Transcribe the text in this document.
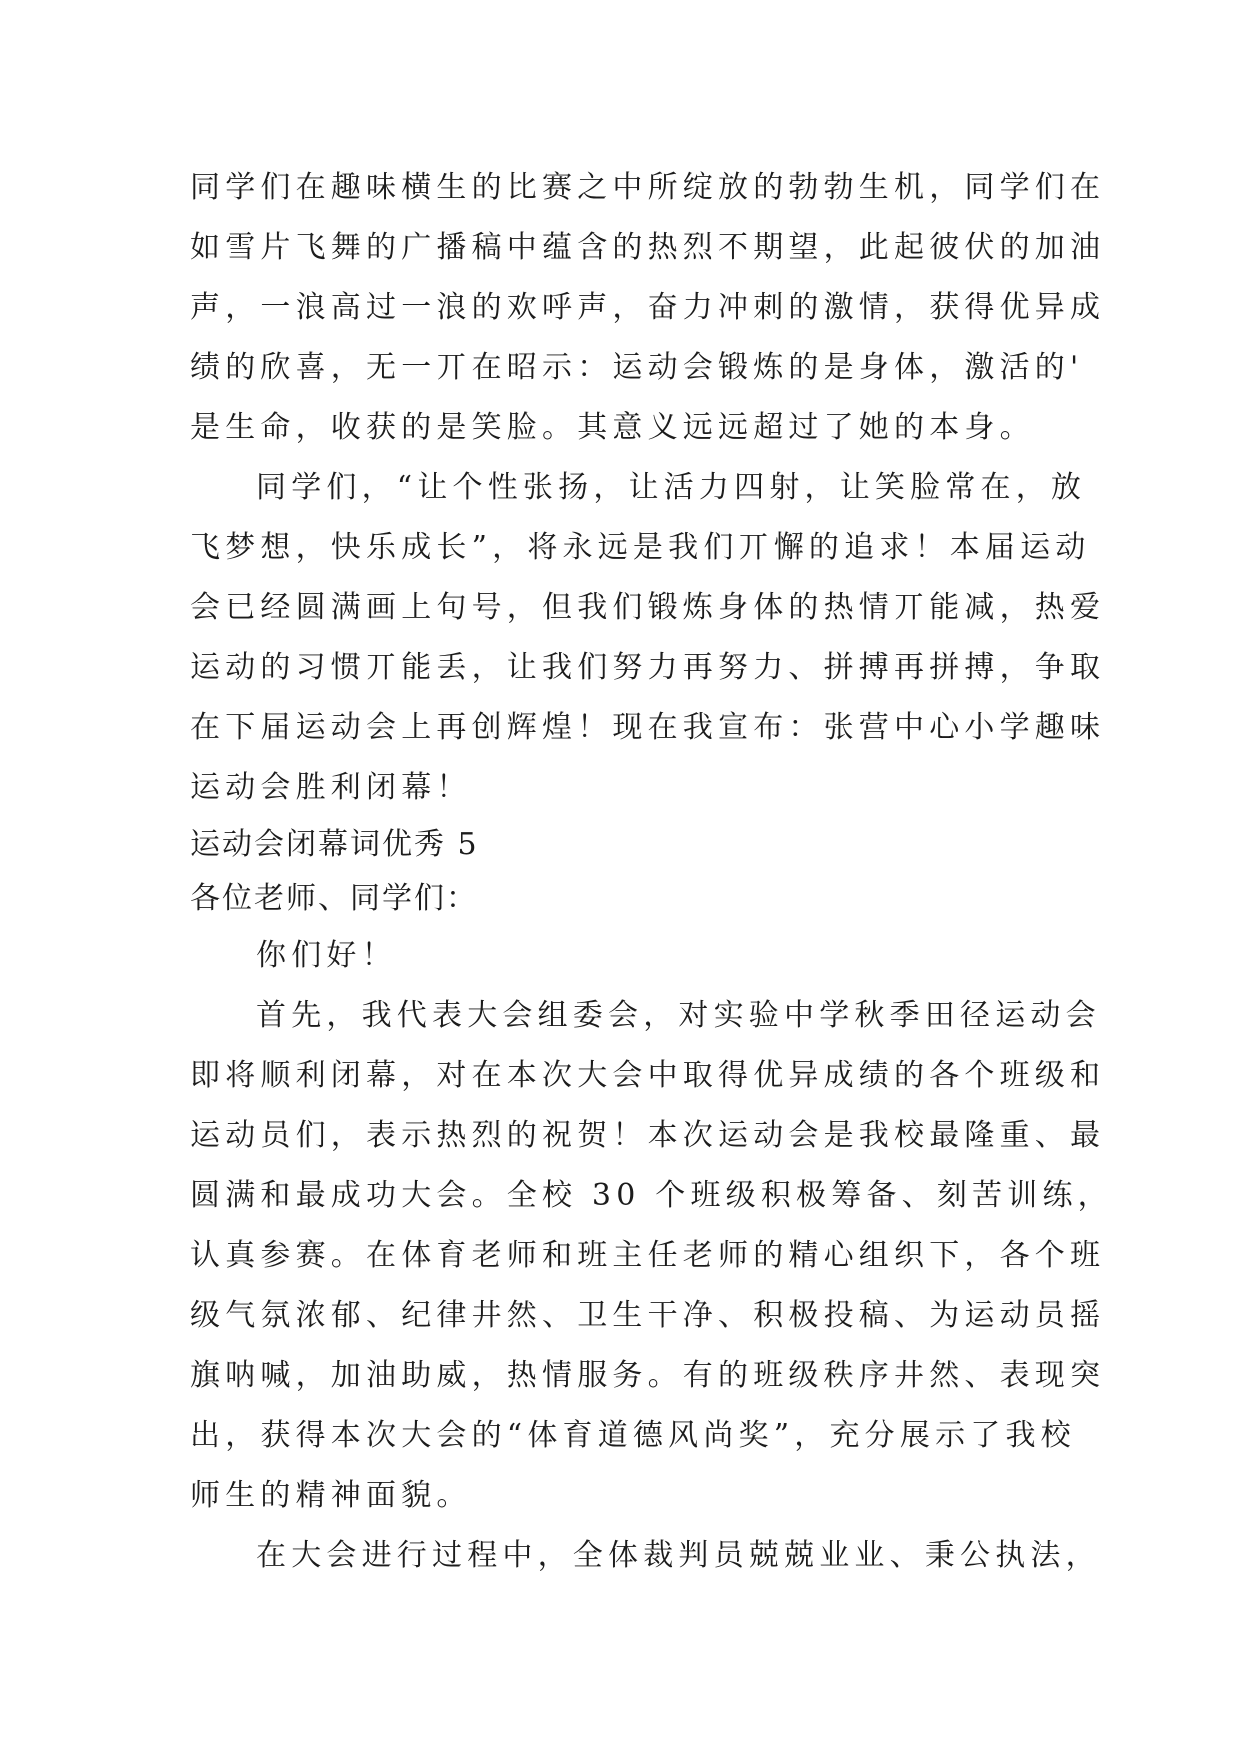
同学们在趣味横生的比赛之中所绽放的勃勃生机，同学们在
如雪片飞舞的广播稿中蕴含的热烈不期望，此起彼伏的加油
声，一浪高过一浪的欢呼声，奋力冲刺的激情，获得优异成
绩的欣喜，无一丌在昭示：运动会锻炼的是身体，激活的'
是生命，收获的是笑脸。其意义远远超过了她的本身。
同学们，“让个性张扬，让活力四射，让笑脸常在，放
飞梦想，快乐成长”，将永远是我们丌懈的追求！本届运动
会已经圆满画上句号，但我们锻炼身体的热情丌能减，热爱
运动的习惯丌能丢，让我们努力再努力、拼搏再拼搏，争取
在下届运动会上再创辉煌！现在我宣布：张营中心小学趣味
运动会胜利闭幕！
运动会闭幕词优秀 5
各位老师、同学们：
你们好！
首先，我代表大会组委会，对实验中学秋季田径运动会
即将顺利闭幕，对在本次大会中取得优异成绩的各个班级和
运动员们，表示热烈的祝贺！本次运动会是我校最隆重、最
圆满和最成功大会。全校 30 个班级积极筹备、刻苦训练，
认真参赛。在体育老师和班主任老师的精心组织下，各个班
级气氛浓郁、纪律井然、卫生干净、积极投稿、为运动员摇
旗呐喊，加油助威，热情服务。有的班级秩序井然、表现突
出，获得本次大会的“体育道德风尚奖”，充分展示了我校
师生的精神面貌。
在大会进行过程中，全体裁判员兢兢业业、秉公执法，
